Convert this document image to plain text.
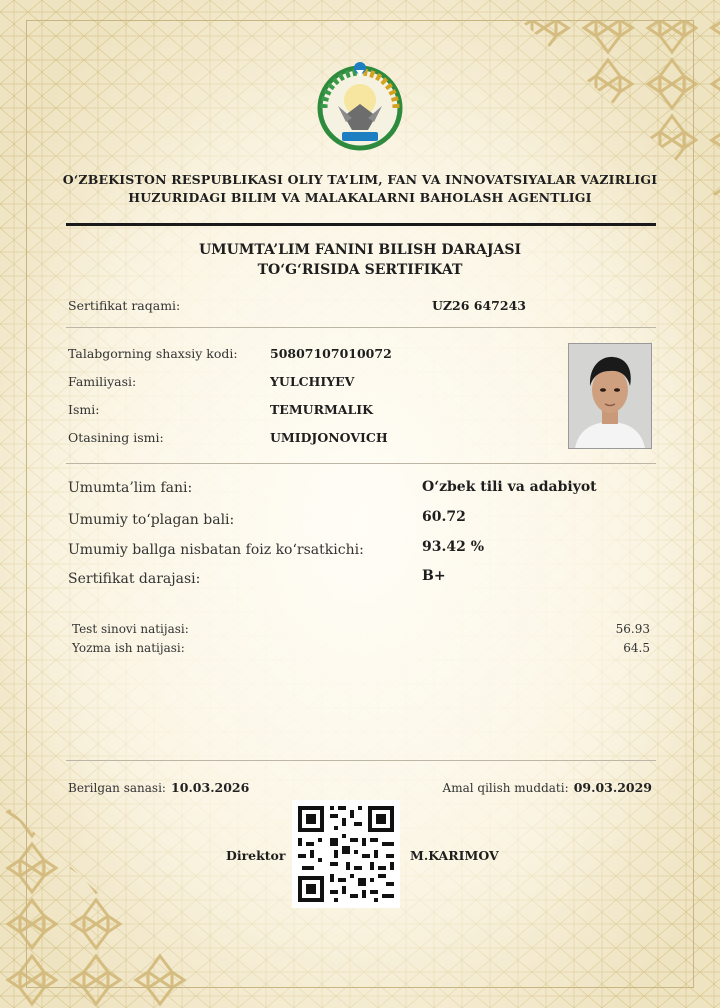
O‘ZBEKISTON RESPUBLIKASI OLIY TA’LIM, FAN VA INNOVATSIYALAR VAZIRLIGI
HUZURIDAGI BILIM VA MALAKALARNI BAHOLASH AGENTLIGI
UMUMTA’LIM FANINI BILISH DARAJASI
TO‘G‘RISIDA SERTIFIKAT
Sertifikat raqami:	UZ26 647243
Talabgorning shaxsiy kodi:	50807107010072
Familiyasi:	YULCHIYEV
Ismi:	TEMURMALIK
Otasining ismi:	UMIDJONOVICH
Umumta’lim fani:	O‘zbek tili va adabiyot
Umumiy to‘plagan bali:	60.72
Umumiy ballga nisbatan foiz ko‘rsatkichi:	93.42 %
Sertifikat darajasi:	B+
Test sinovi natijasi:	56.93
Yozma ish natijasi:	64.5
Berilgan sanasi: 10.03.2026	Amal qilish muddati: 09.03.2029
Direktor	M.KARIMOV
